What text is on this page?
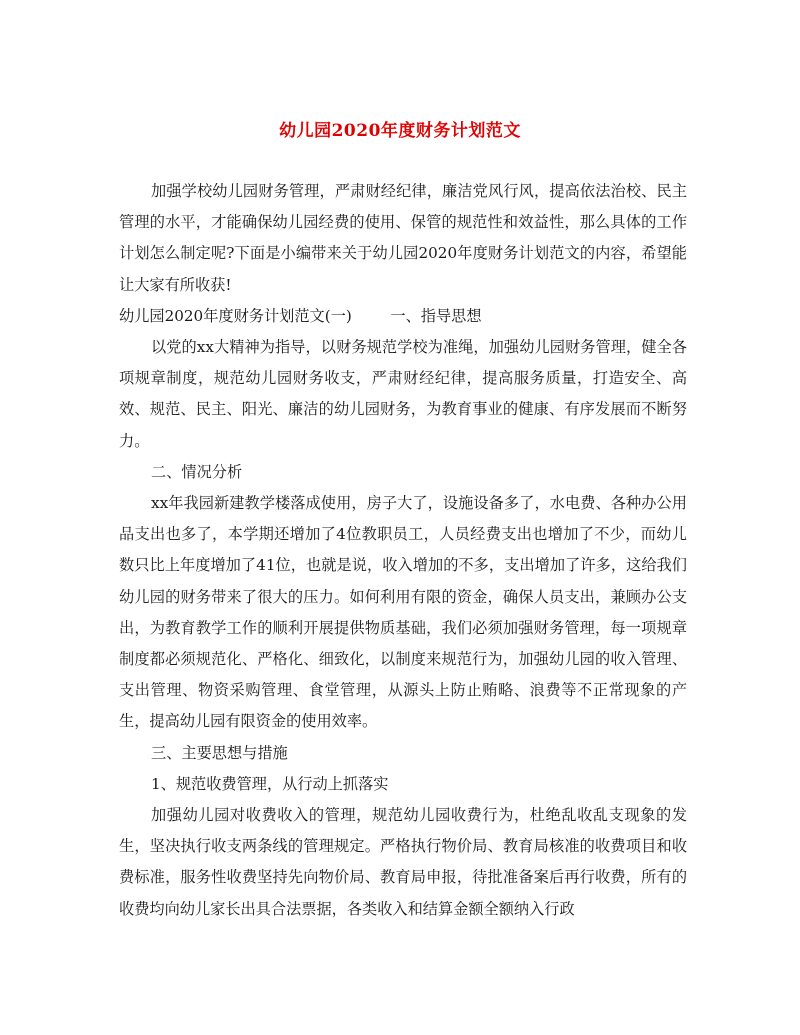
幼儿园2020年度财务计划范文

加强学校幼儿园财务管理，严肃财经纪律，廉洁党风行风，提高依法治校、民主管理的水平，才能确保幼儿园经费的使用、保管的规范性和效益性，那么具体的工作计划怎么制定呢?下面是小编带来关于幼儿园2020年度财务计划范文的内容，希望能让大家有所收获!

幼儿园2020年度财务计划范文(一)	一、指导思想

以党的xx大精神为指导，以财务规范学校为准绳，加强幼儿园财务管理，健全各项规章制度，规范幼儿园财务收支，严肃财经纪律，提高服务质量，打造安全、高效、规范、民主、阳光、廉洁的幼儿园财务，为教育事业的健康、有序发展而不断努力。

二、情况分析

xx年我园新建教学楼落成使用，房子大了，设施设备多了，水电费、各种办公用品支出也多了，本学期还增加了4位教职员工，人员经费支出也增加了不少，而幼儿数只比上年度增加了41位，也就是说，收入增加的不多，支出增加了许多，这给我们幼儿园的财务带来了很大的压力。如何利用有限的资金，确保人员支出，兼顾办公支出，为教育教学工作的顺利开展提供物质基础，我们必须加强财务管理，每一项规章制度都必须规范化、严格化、细致化，以制度来规范行为，加强幼儿园的收入管理、支出管理、物资采购管理、食堂管理，从源头上防止贿略、浪费等不正常现象的产生，提高幼儿园有限资金的使用效率。

三、主要思想与措施

1、规范收费管理，从行动上抓落实

加强幼儿园对收费收入的管理，规范幼儿园收费行为，杜绝乱收乱支现象的发生，坚决执行收支两条线的管理规定。严格执行物价局、教育局核准的收费项目和收费标准，服务性收费坚持先向物价局、教育局申报，待批准备案后再行收费，所有的收费均向幼儿家长出具合法票据，各类收入和结算金额全额纳入行政
